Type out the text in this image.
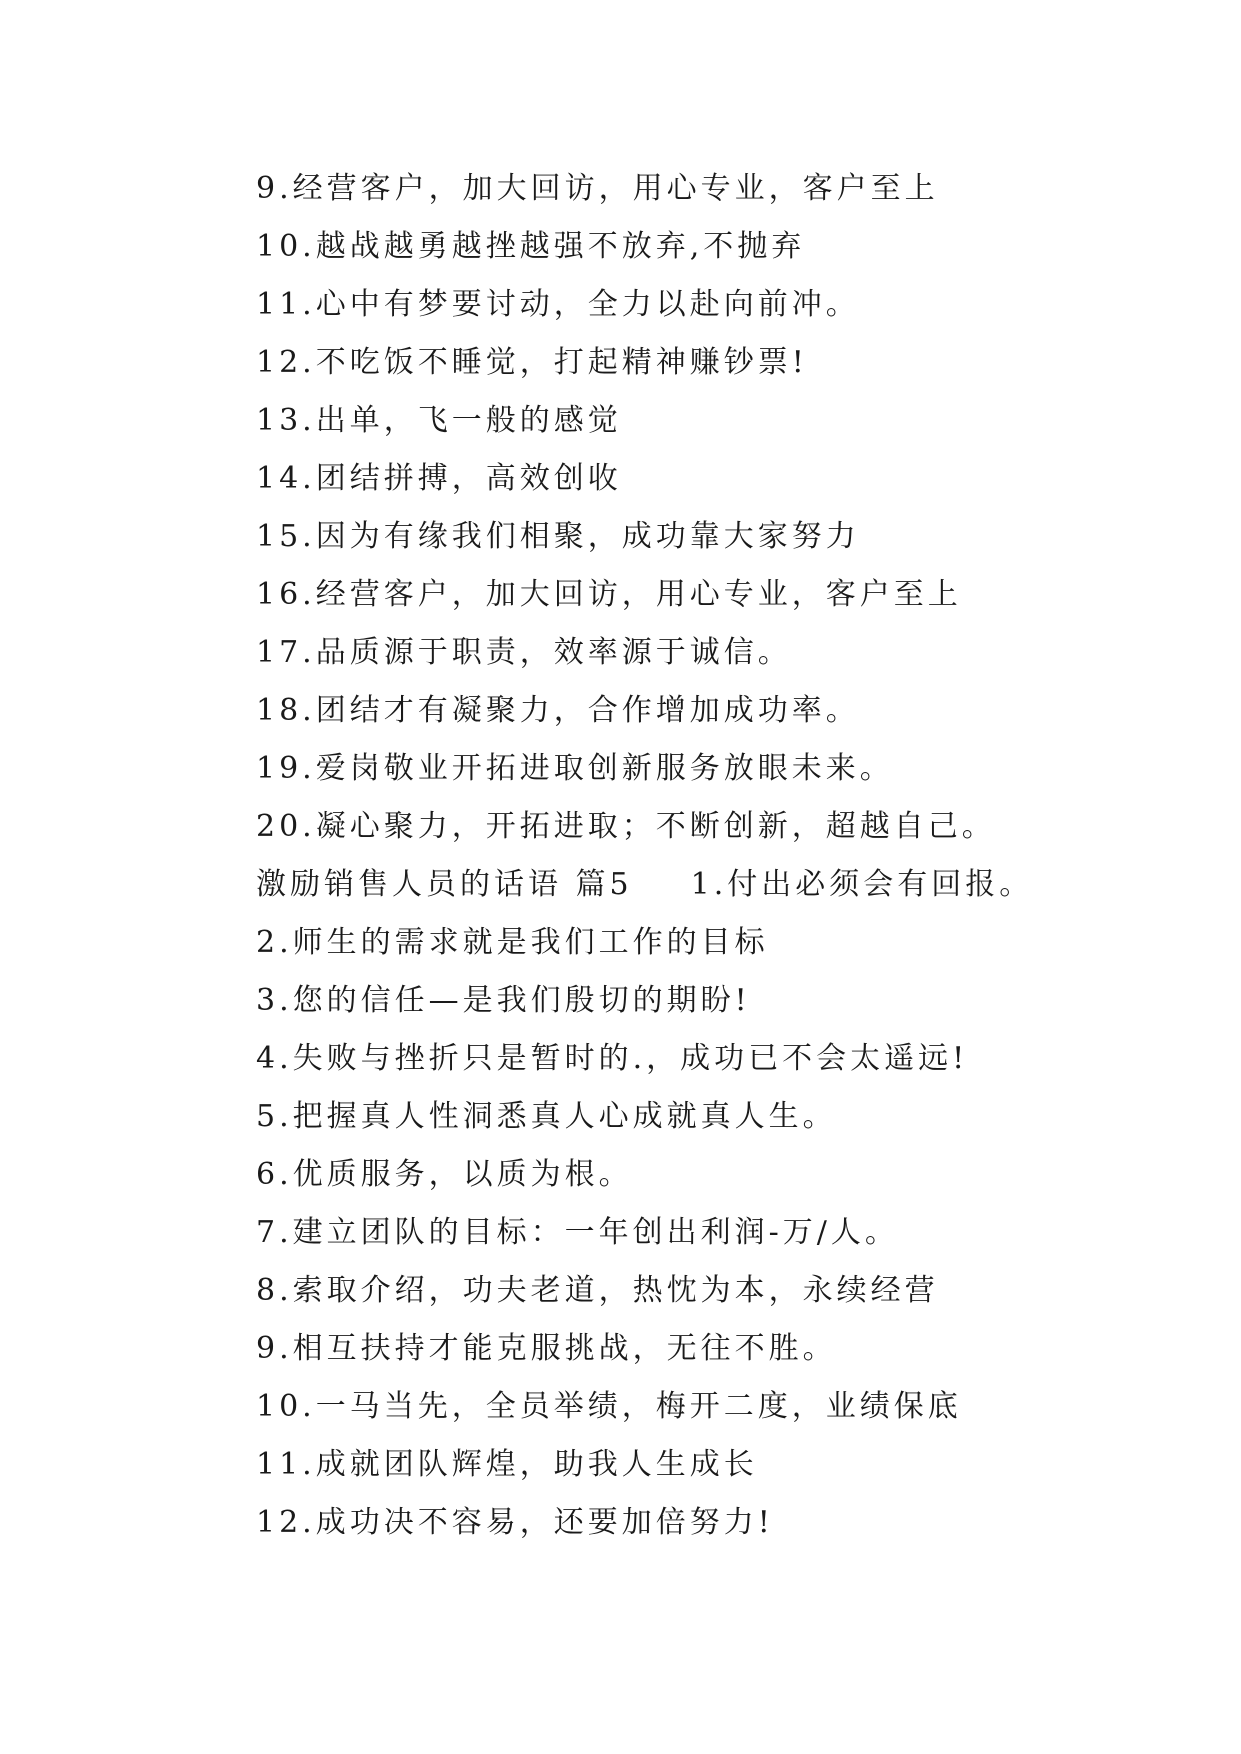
9.经营客户，加大回访，用心专业，客户至上
10.越战越勇越挫越强不放弃,不抛弃
11.心中有梦要讨动，全力以赴向前冲。
12.不吃饭不睡觉，打起精神赚钞票!
13.出单，飞一般的感觉
14.团结拼搏，高效创收
15.因为有缘我们相聚，成功靠大家努力
16.经营客户，加大回访，用心专业，客户至上
17.品质源于职责，效率源于诚信。
18.团结才有凝聚力，合作增加成功率。
19.爱岗敬业开拓进取创新服务放眼未来。
20.凝心聚力，开拓进取；不断创新，超越自己。
激励销售人员的话语 篇5 1.付出必须会有回报。
2.师生的需求就是我们工作的目标
3.您的信任—是我们殷切的期盼!
4.失败与挫折只是暂时的.，成功已不会太遥远!
5.把握真人性洞悉真人心成就真人生。
6.优质服务，以质为根。
7.建立团队的目标：一年创出利润-万/人。
8.索取介绍，功夫老道，热忱为本，永续经营
9.相互扶持才能克服挑战，无往不胜。
10.一马当先，全员举绩，梅开二度，业绩保底
11.成就团队辉煌，助我人生成长
12.成功决不容易，还要加倍努力!
